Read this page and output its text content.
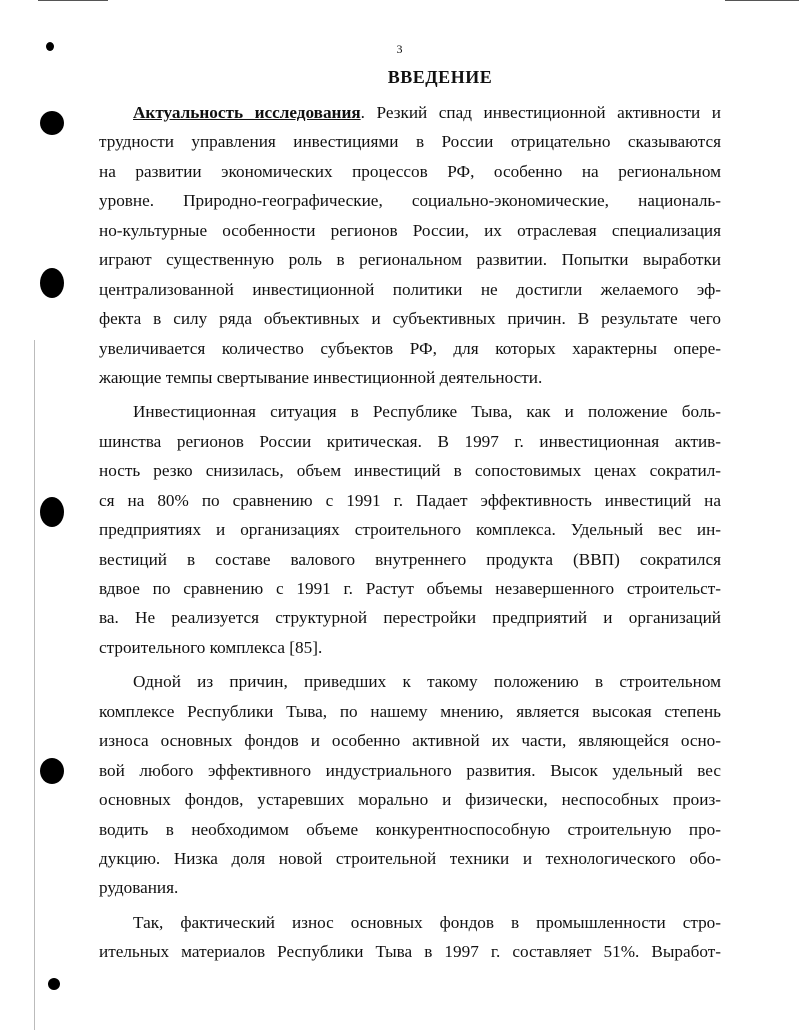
3
ВВЕДЕНИЕ
Актуальность исследования. Резкий спад инвестиционной активности и
трудности управления инвестициями в России отрицательно сказываются
на развитии экономических процессов РФ, особенно на региональном
уровне. Природно-географические, социально-экономические, националь-
но-культурные особенности регионов России, их отраслевая специализация
играют существенную роль в региональном развитии. Попытки выработки
централизованной инвестиционной политики не достигли желаемого эф-
фекта в силу ряда объективных и субъективных причин. В результате чего
увеличивается количество субъектов РФ, для которых характерны опере-
жающие темпы свертывание инвестиционной деятельности.
Инвестиционная ситуация в Республике Тыва, как и положение боль-
шинства регионов России критическая. В 1997 г. инвестиционная актив-
ность резко снизилась, объем инвестиций в сопостовимых ценах сократил-
ся на 80% по сравнению с 1991 г. Падает эффективность инвестиций на
предприятиях и организациях строительного комплекса. Удельный вес ин-
вестиций в составе валового внутреннего продукта (ВВП) сократился
вдвое по сравнению с 1991 г. Растут объемы незавершенного строительст-
ва. Не реализуется структурной перестройки предприятий и организаций
строительного комплекса [85].
Одной из причин, приведших к такому положению в строительном
комплексе Республики Тыва, по нашему мнению, является высокая степень
износа основных фондов и особенно активной их части, являющейся осно-
вой любого эффективного индустриального развития. Высок удельный вес
основных фондов, устаревших морально и физически, неспособных произ-
водить в необходимом объеме конкурентноспособную строительную про-
дукцию. Низка доля новой строительной техники и технологического обо-
рудования.
Так, фактический износ основных фондов в промышленности стро-
ительных материалов Республики Тыва в 1997 г. составляет 51%. Выработ-
